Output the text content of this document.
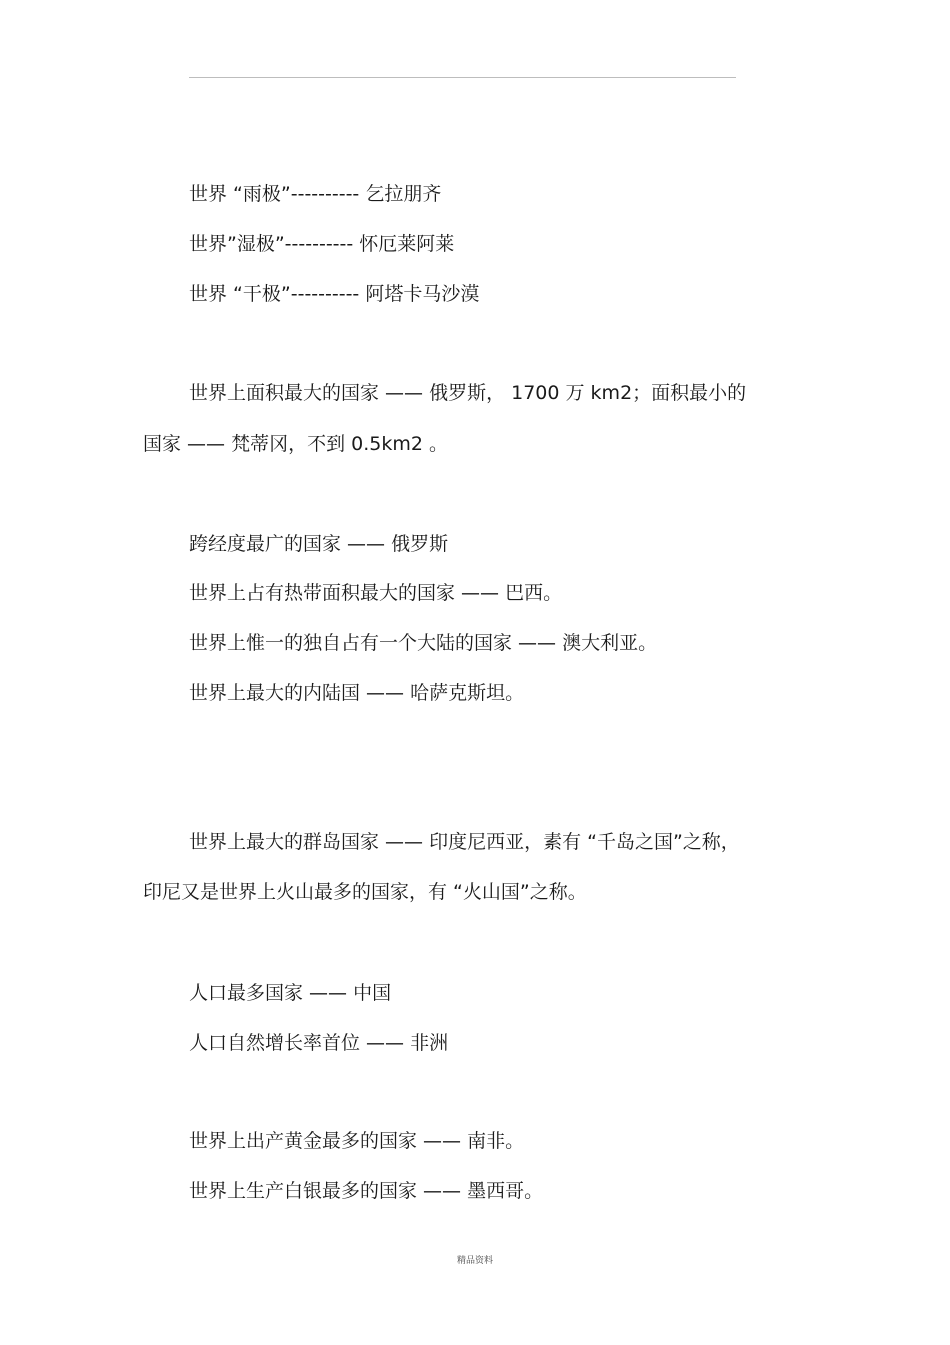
世界 “雨极”---------- 乞拉朋齐
世界”湿极”---------- 怀厄莱阿莱
世界 “干极”---------- 阿塔卡马沙漠
世界上面积最大的国家 —— 俄罗斯， 1700 万 km2；面积最小的
国家 —— 梵蒂冈，不到 0.5km2 。
跨经度最广的国家 —— 俄罗斯
世界上占有热带面积最大的国家 —— 巴西。
世界上惟一的独自占有一个大陆的国家 —— 澳大利亚。
世界上最大的内陆国 —— 哈萨克斯坦。
世界上最大的群岛国家 —— 印度尼西亚，素有 “千岛之国”之称，
印尼又是世界上火山最多的国家，有 “火山国”之称。
人口最多国家 —— 中国
人口自然增长率首位 —— 非洲
世界上出产黄金最多的国家 —— 南非。
世界上生产白银最多的国家 —— 墨西哥。
精品资料
